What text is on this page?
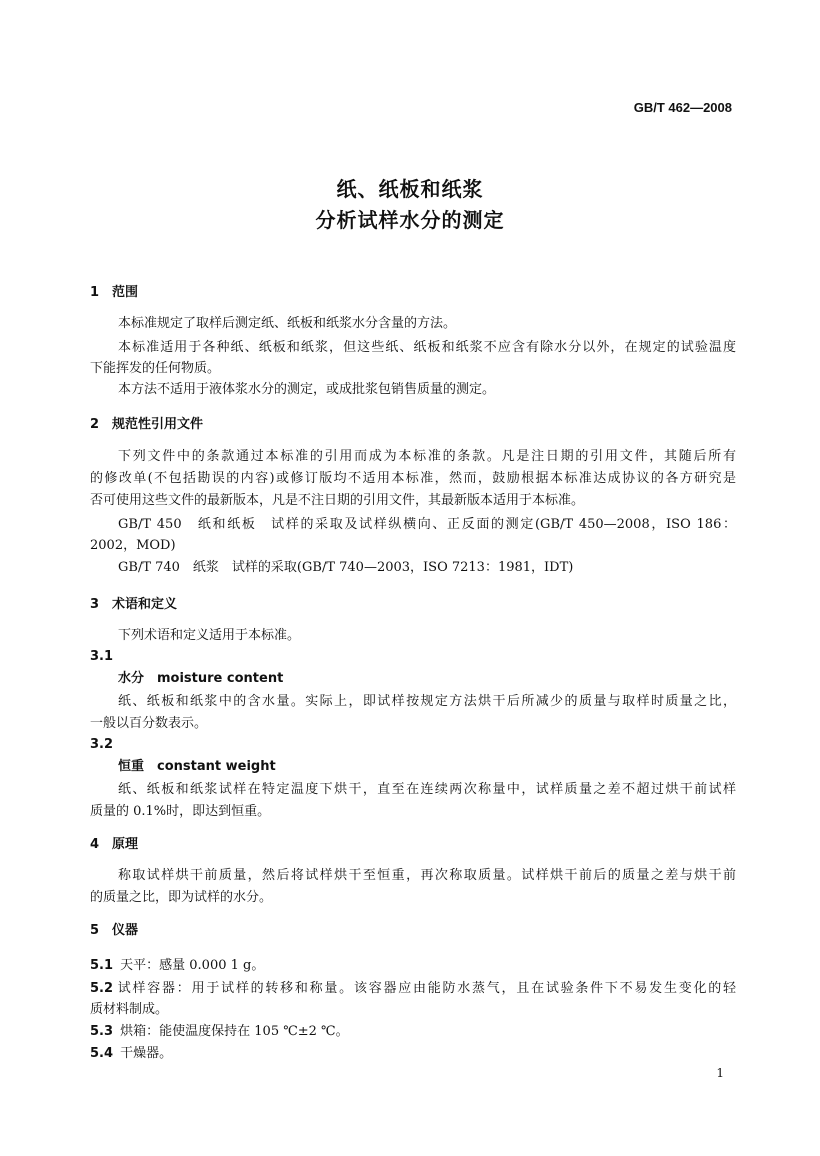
GB/T 462—2008
纸、纸板和纸浆
分析试样水分的测定
1　范围
本标准规定了取样后测定纸、纸板和纸浆水分含量的方法。
本标准适用于各种纸、纸板和纸浆，但这些纸、纸板和纸浆不应含有除水分以外，在规定的试验温度
下能挥发的任何物质。
本方法不适用于液体浆水分的测定，或成批浆包销售质量的测定。
2　规范性引用文件
下列文件中的条款通过本标准的引用而成为本标准的条款。凡是注日期的引用文件，其随后所有
的修改单(不包括勘误的内容)或修订版均不适用本标准，然而，鼓励根据本标准达成协议的各方研究是
否可使用这些文件的最新版本，凡是不注日期的引用文件，其最新版本适用于本标准。
GB/T 450　纸和纸板　试样的采取及试样纵横向、正反面的测定(GB/T 450—2008，ISO 186：
2002，MOD)
GB/T 740　纸浆　试样的采取(GB/T 740—2003，ISO 7213：1981，IDT)
3　术语和定义
下列术语和定义适用于本标准。
3.1
水分　moisture content
纸、纸板和纸浆中的含水量。实际上，即试样按规定方法烘干后所减少的质量与取样时质量之比，
一般以百分数表示。
3.2
恒重　constant weight
纸、纸板和纸浆试样在特定温度下烘干，直至在连续两次称量中，试样质量之差不超过烘干前试样
质量的 0.1%时，即达到恒重。
4　原理
称取试样烘干前质量，然后将试样烘干至恒重，再次称取质量。试样烘干前后的质量之差与烘干前
的质量之比，即为试样的水分。
5　仪器
5.1 天平：感量 0.000 1 g。
5.2 试样容器：用于试样的转移和称量。该容器应由能防水蒸气，且在试验条件下不易发生变化的轻
质材料制成。
5.3 烘箱：能使温度保持在 105 ℃±2 ℃。
5.4 干燥器。
1
